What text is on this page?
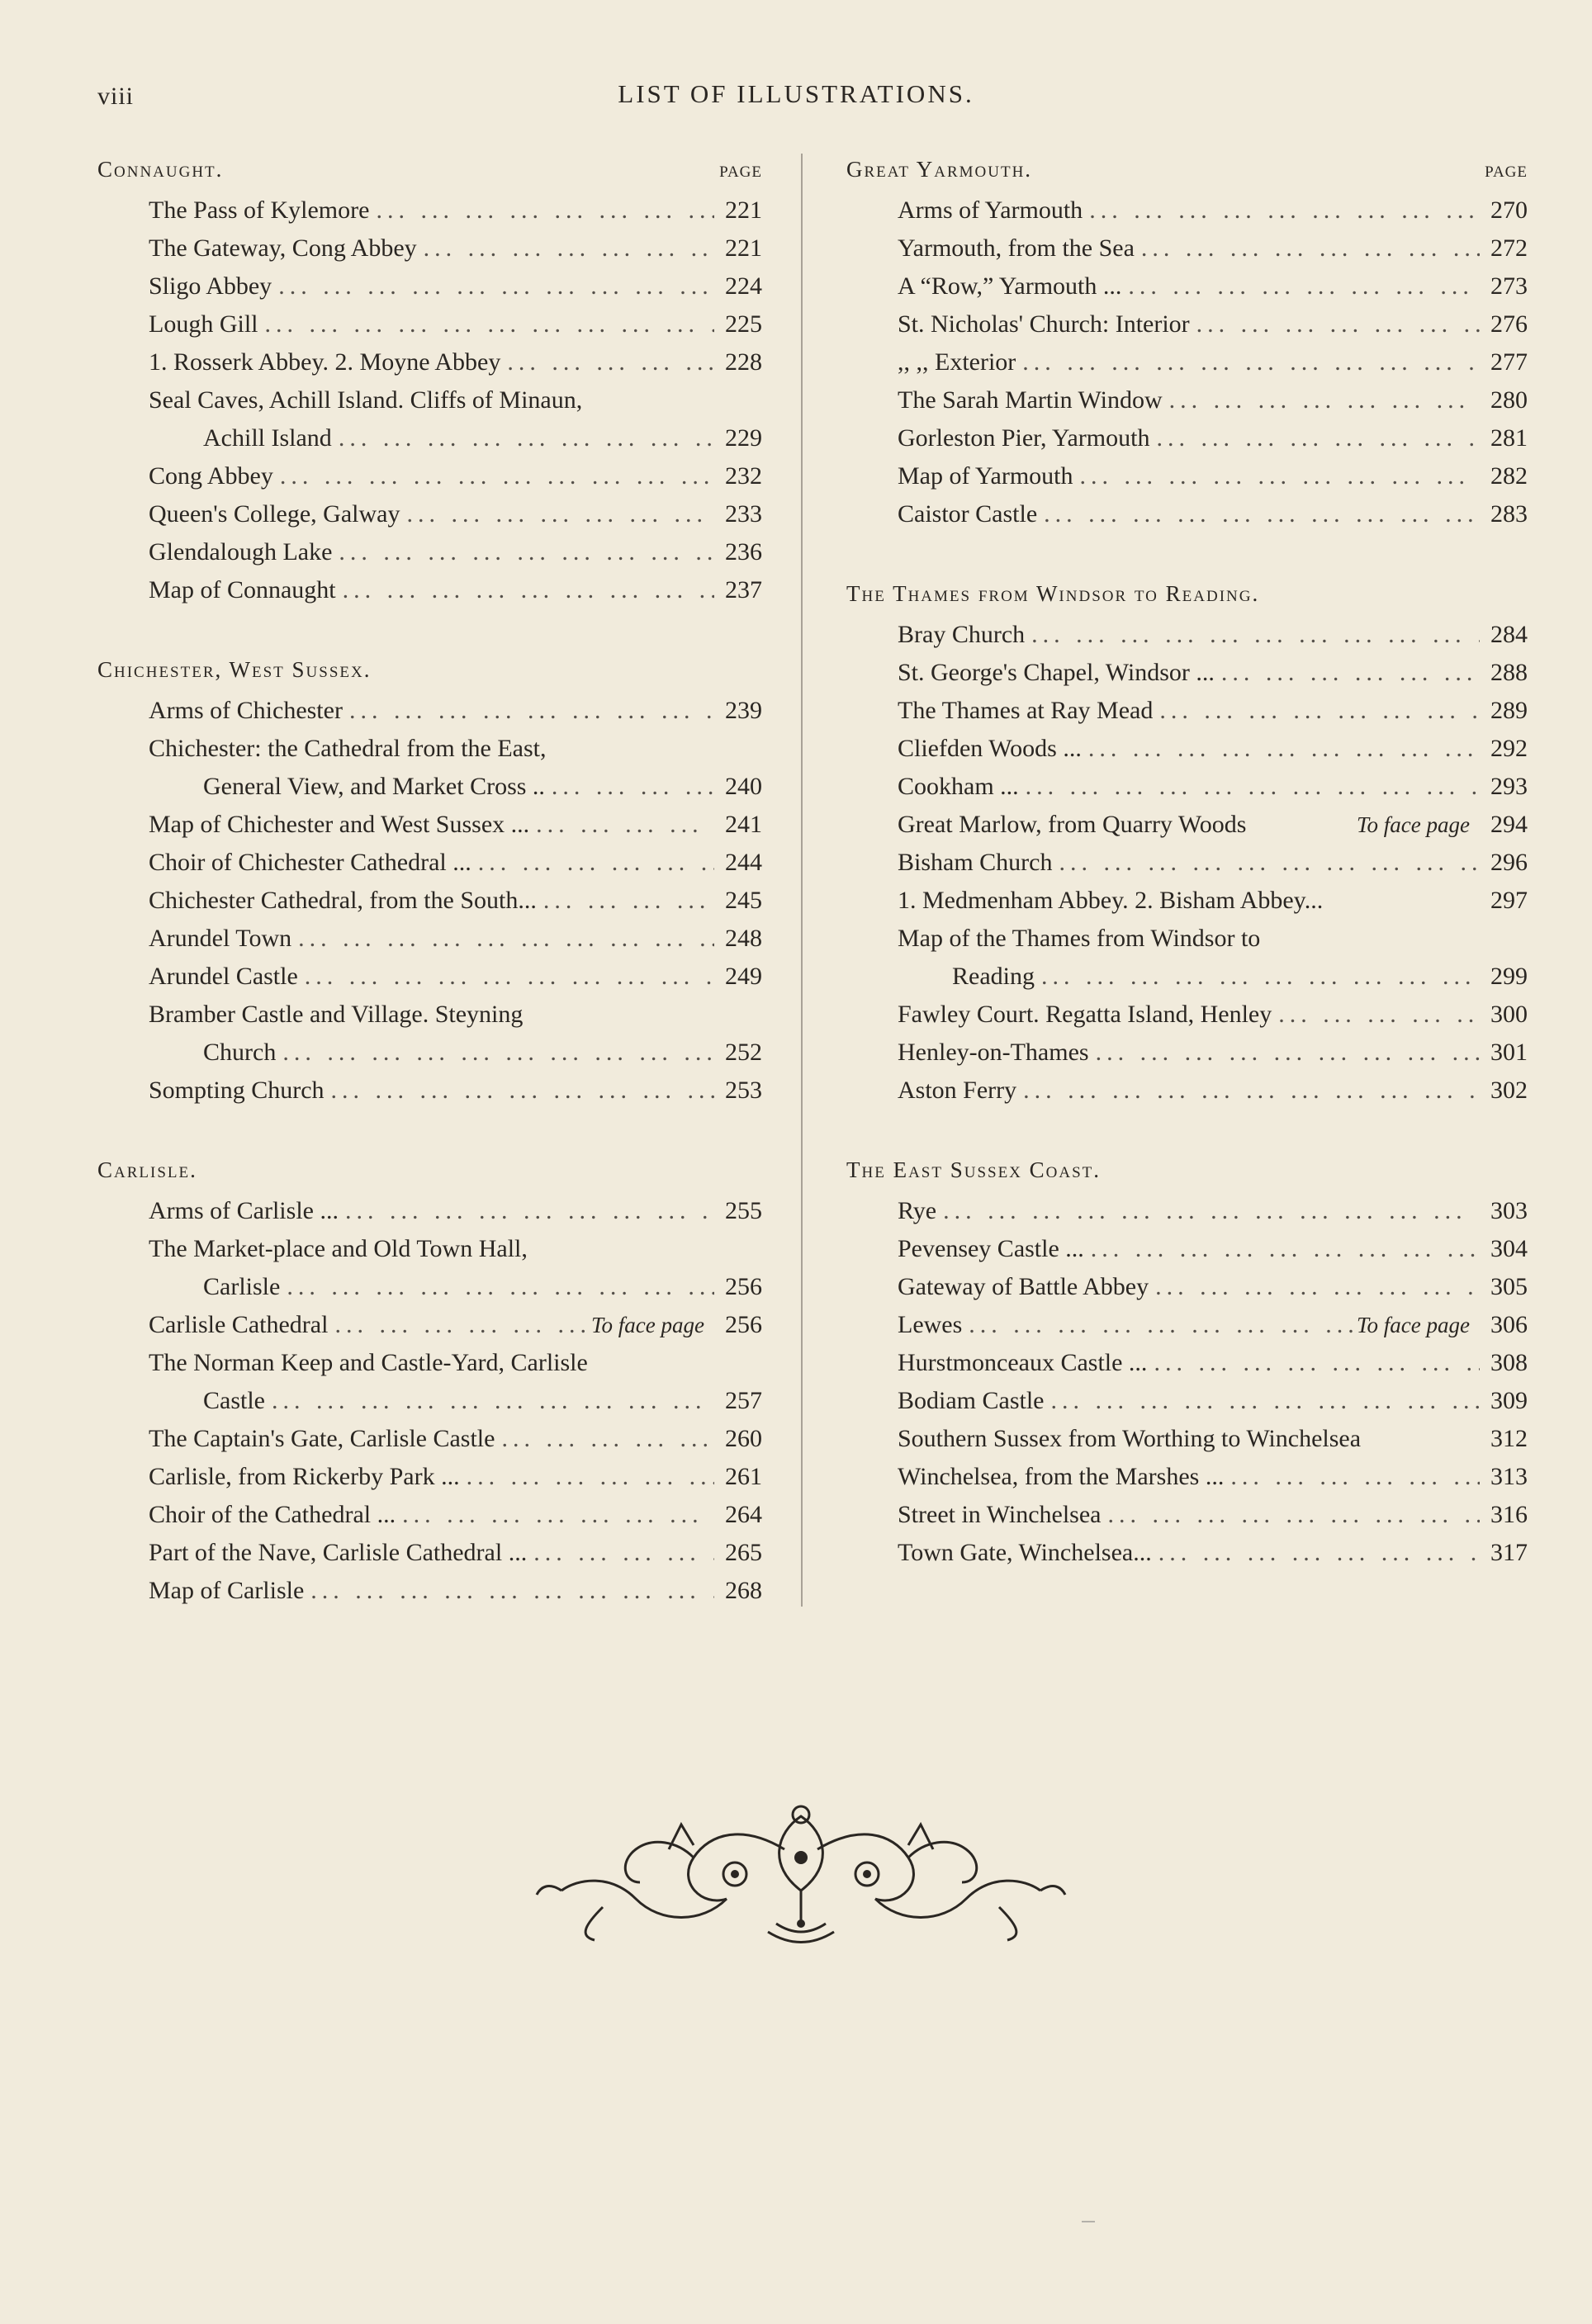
viii	LIST OF ILLUSTRATIONS.
Connaught.	PAGE
The Pass of Kylemore ... .	221
The Gateway, Cong Abbey ... .	221
Sligo Abbey ... .	224
Lough Gill ... .	225
1. Rosserk Abbey. 2. Moyne Abbey ... .	228
Seal Caves, Achill Island. Cliffs of Minaun,
Achill Island ... .	229
Cong Abbey ... .	232
Queen's College, Galway ... .	233
Glendalough Lake ... .	236
Map of Connaught ... .	237
Chichester, West Sussex.
Arms of Chichester ... .	239
Chichester: the Cathedral from the East,
General View, and Market Cross .. ... .	240
Map of Chichester and West Sussex ... ... .	241
Choir of Chichester Cathedral ... ... .	244
Chichester Cathedral, from the South... ... .	245
Arundel Town ... .	248
Arundel Castle ... .	249
Bramber Castle and Village. Steyning
Church ... .	252
Sompting Church ... .	253
Carlisle.
Arms of Carlisle ... ... .	255
The Market-place and Old Town Hall,
Carlisle ... .	256
Carlisle Cathedral ... .	To face page 256
The Norman Keep and Castle-Yard, Carlisle
Castle ... .	257
The Captain's Gate, Carlisle Castle ... .	260
Carlisle, from Rickerby Park ... ... .	261
Choir of the Cathedral ... ... .	264
Part of the Nave, Carlisle Cathedral ... ... .	265
Map of Carlisle ... .	268
Great Yarmouth.	PAGE
Arms of Yarmouth ... .	270
Yarmouth, from the Sea ... .	272
A “Row,” Yarmouth ... ... .	273
St. Nicholas' Church: Interior ... .	276
,, ,, Exterior ... .	277
The Sarah Martin Window ... .	280
Gorleston Pier, Yarmouth ... .	281
Map of Yarmouth ... .	282
Caistor Castle ... .	283
The Thames from Windsor to Reading.
Bray Church ... .	284
St. George's Chapel, Windsor ... ... .	288
The Thames at Ray Mead ... .	289
Cliefden Woods ... ... .	292
Cookham ... ... .	293
Great Marlow, from Quarry Woods	To face page 294
Bisham Church ... .	296
1. Medmenham Abbey. 2. Bisham Abbey...	297
Map of the Thames from Windsor to
Reading ... .	299
Fawley Court. Regatta Island, Henley ... .	300
Henley-on-Thames ... .	301
Aston Ferry ... .	302
The East Sussex Coast.
Rye ... .	303
Pevensey Castle ... ... .	304
Gateway of Battle Abbey ... .	305
Lewes ... .	To face page 306
Hurstmonceaux Castle ... ... .	308
Bodiam Castle ... .	309
Southern Sussex from Worthing to Winchelsea	312
Winchelsea, from the Marshes ... ... .	313
Street in Winchelsea ... .	316
Town Gate, Winchelsea... ... .	317
